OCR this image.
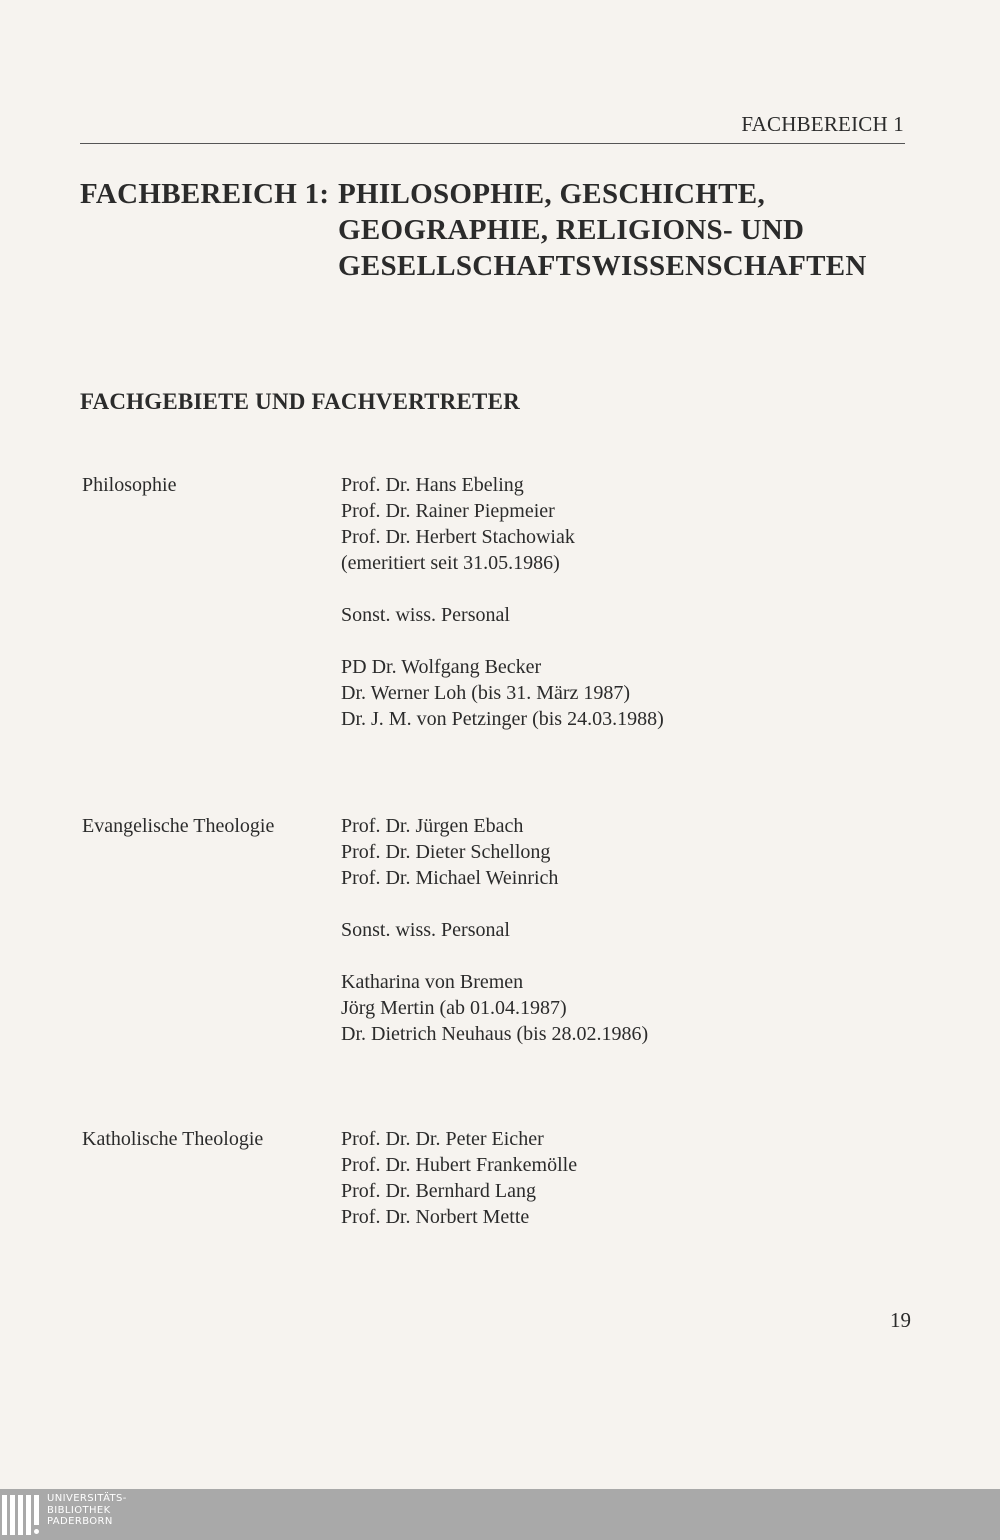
FACHBEREICH 1
FACHBEREICH 1: PHILOSOPHIE, GESCHICHTE,
GEOGRAPHIE, RELIGIONS- UND
GESELLSCHAFTSWISSENSCHAFTEN
FACHGEBIETE UND FACHVERTRETER
Philosophie	Prof. Dr. Hans Ebeling
Prof. Dr. Rainer Piepmeier
Prof. Dr. Herbert Stachowiak
(emeritiert seit 31.05.1986)
Sonst. wiss. Personal
PD Dr. Wolfgang Becker
Dr. Werner Loh (bis 31. März 1987)
Dr. J. M. von Petzinger (bis 24.03.1988)
Evangelische Theologie	Prof. Dr. Jürgen Ebach
Prof. Dr. Dieter Schellong
Prof. Dr. Michael Weinrich
Sonst. wiss. Personal
Katharina von Bremen
Jörg Mertin (ab 01.04.1987)
Dr. Dietrich Neuhaus (bis 28.02.1986)
Katholische Theologie	Prof. Dr. Dr. Peter Eicher
Prof. Dr. Hubert Frankemölle
Prof. Dr. Bernhard Lang
Prof. Dr. Norbert Mette
19
UNIVERSITÄTS-
BIBLIOTHEK
PADERBORN
